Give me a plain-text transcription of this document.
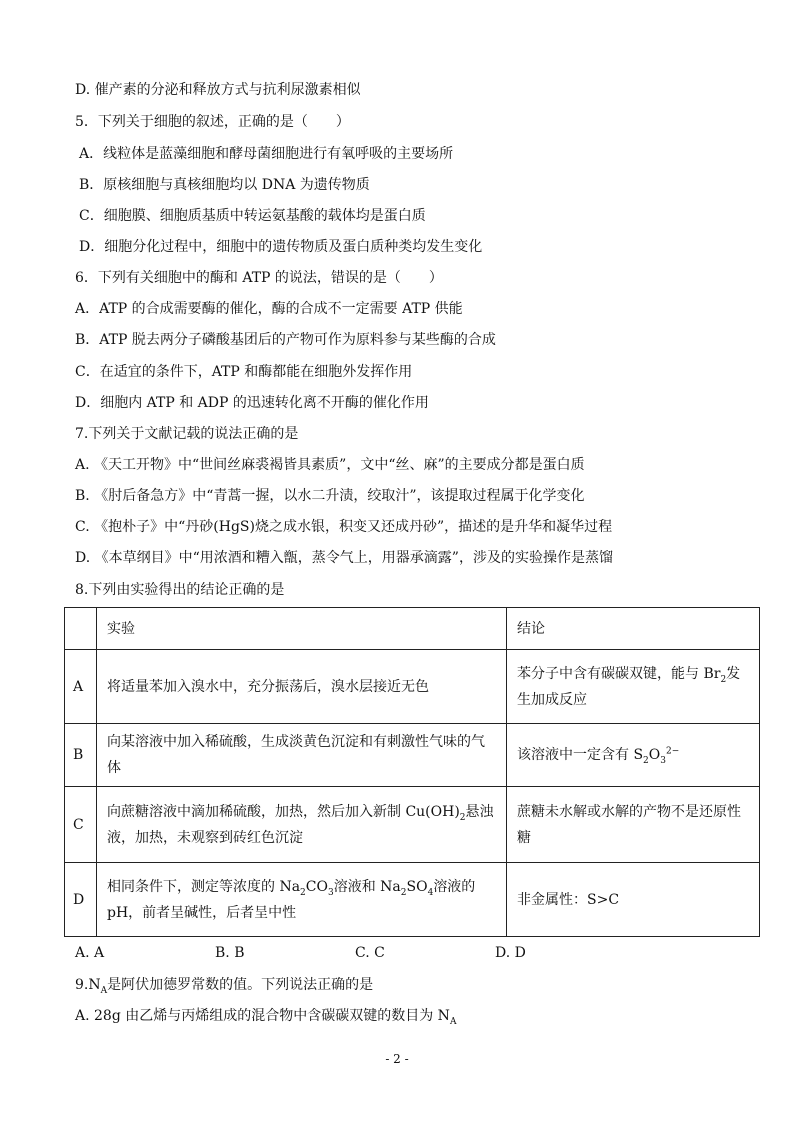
D. 催产素的分泌和释放方式与抗利尿激素相似
5．下列关于细胞的叙述，正确的是（　　）
A．线粒体是蓝藻细胞和酵母菌细胞进行有氧呼吸的主要场所
B．原核细胞与真核细胞均以 DNA 为遗传物质
C．细胞膜、细胞质基质中转运氨基酸的载体均是蛋白质
D．细胞分化过程中，细胞中的遗传物质及蛋白质种类均发生变化
6．下列有关细胞中的酶和 ATP 的说法，错误的是（　　）
A．ATP 的合成需要酶的催化，酶的合成不一定需要 ATP 供能
B．ATP 脱去两分子磷酸基团后的产物可作为原料参与某些酶的合成
C．在适宜的条件下，ATP 和酶都能在细胞外发挥作用
D．细胞内 ATP 和 ADP 的迅速转化离不开酶的催化作用
7.下列关于文献记载的说法正确的是
A. 《天工开物》中“世间丝麻裘褐皆具素质”，文中“丝、麻”的主要成分都是蛋白质
B. 《肘后备急方》中“青蒿一握，以水二升渍，绞取汁”，该提取过程属于化学变化
C. 《抱朴子》中“丹砂(HgS)烧之成水银，积变又还成丹砂”，描述的是升华和凝华过程
D. 《本草纲目》中“用浓酒和糟入甑，蒸令气上，用器承滴露”，涉及的实验操作是蒸馏
8.下列由实验得出的结论正确的是
	实验	结论
A	将适量苯加入溴水中，充分振荡后，溴水层接近无色	苯分子中含有碳碳双键，能与 $Br_2$发生加成反应
B	向某溶液中加入稀硫酸，生成淡黄色沉淀和有刺激性气味的气体	该溶液中一定含有 $S_2O_3^{2-}$
C	向蔗糖溶液中滴加稀硫酸，加热，然后加入新制 $Cu(OH)_2$悬浊液，加热，未观察到砖红色沉淀	蔗糖未水解或水解的产物不是还原性糖
D	相同条件下，测定等浓度的 $Na_2CO_3$溶液和 $Na_2SO_4$溶液的 pH，前者呈碱性，后者呈中性	非金属性：S>C
A. A	B. B	C. C	D. D
$9.N_A$是阿伏加德罗常数的值。下列说法正确的是
A. 28g 由乙烯与丙烯组成的混合物中含碳碳双键的数目为 $N_A$
- 2 -
